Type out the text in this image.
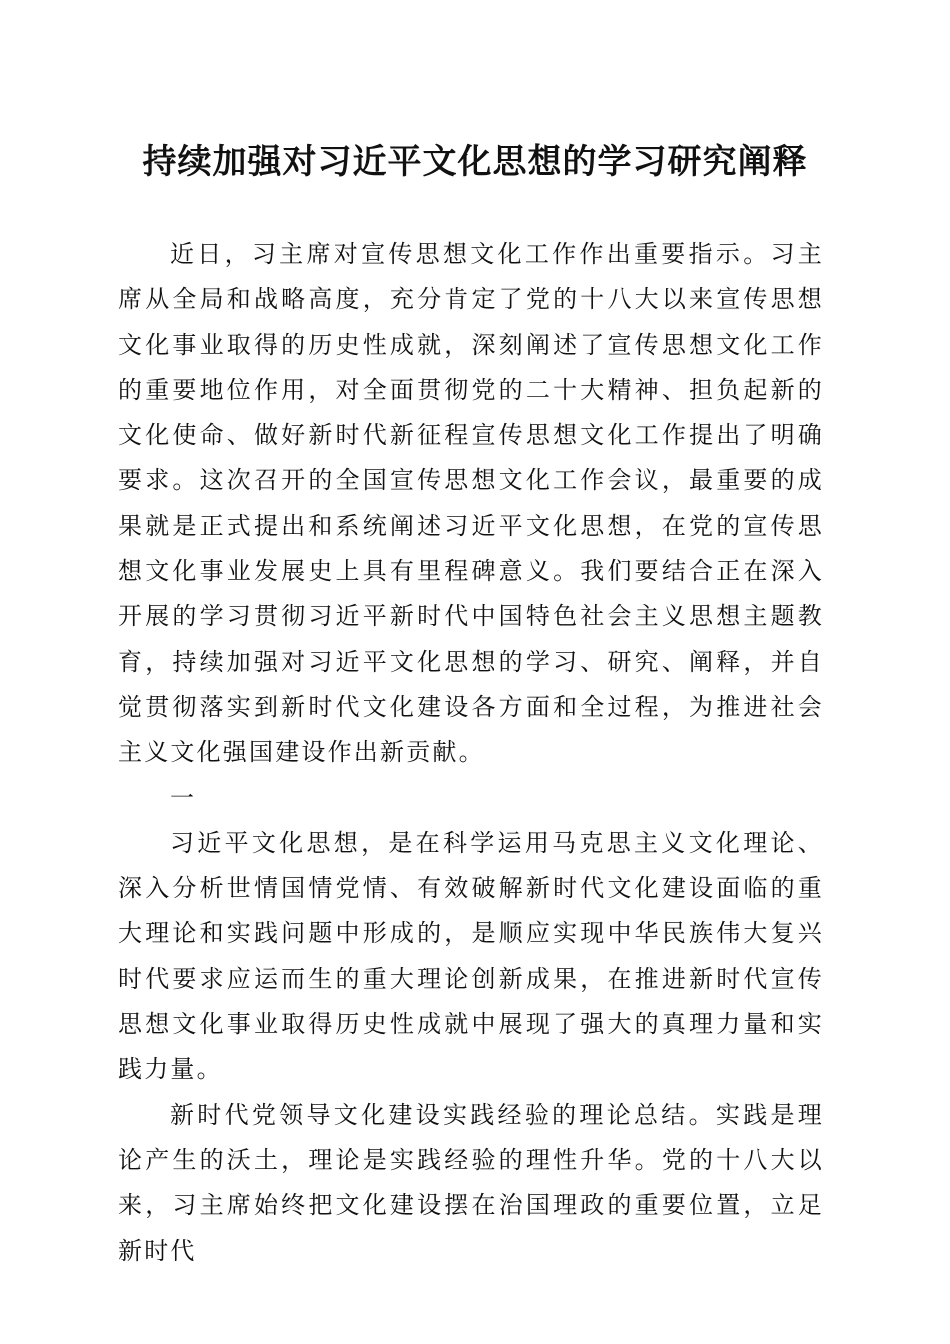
持续加强对习近平文化思想的学习研究阐释

近日，习主席对宣传思想文化工作作出重要指示。习主席从全局和战略高度，充分肯定了党的十八大以来宣传思想文化事业取得的历史性成就，深刻阐述了宣传思想文化工作的重要地位作用，对全面贯彻党的二十大精神、担负起新的文化使命、做好新时代新征程宣传思想文化工作提出了明确要求。这次召开的全国宣传思想文化工作会议，最重要的成果就是正式提出和系统阐述习近平文化思想，在党的宣传思想文化事业发展史上具有里程碑意义。我们要结合正在深入开展的学习贯彻习近平新时代中国特色社会主义思想主题教育，持续加强对习近平文化思想的学习、研究、阐释，并自觉贯彻落实到新时代文化建设各方面和全过程，为推进社会主义文化强国建设作出新贡献。

一

习近平文化思想，是在科学运用马克思主义文化理论、深入分析世情国情党情、有效破解新时代文化建设面临的重大理论和实践问题中形成的，是顺应实现中华民族伟大复兴时代要求应运而生的重大理论创新成果，在推进新时代宣传思想文化事业取得历史性成就中展现了强大的真理力量和实践力量。

新时代党领导文化建设实践经验的理论总结。实践是理论产生的沃土，理论是实践经验的理性升华。党的十八大以来，习主席始终把文化建设摆在治国理政的重要位置，立足新时代
